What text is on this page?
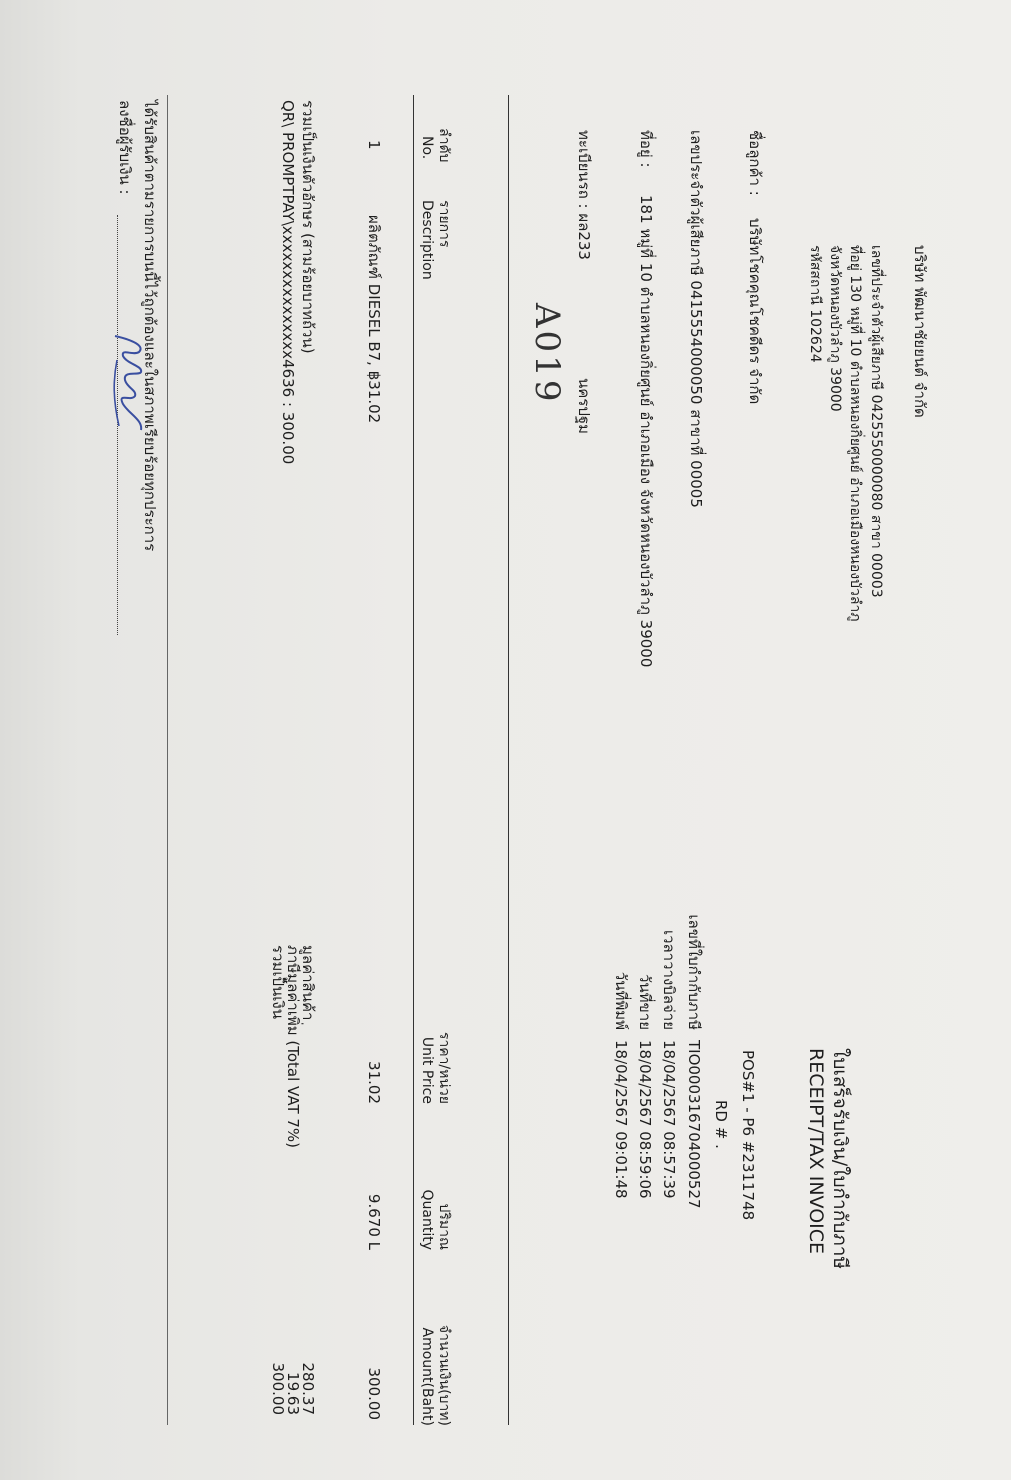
บริษัท พัฒนาชัยยนต์ จำกัด
เลขที่ประจำตัวผู้เสียภาษี 0425550000080 สาขา 00003
ที่อยู่ 130 หมู่ที่ 10 ตำบลหนองกิ่ยศูนย์ อำเภอเมืองหนองบัวลำภู
จังหวัดหนองบัวลำภู 39000
รหัสสถานี 102624
ใบเสร็จรับเงิน/ใบกำกับภาษี
RECEIPT/TAX INVOICE
POS#1 - P6 #2311748
RD # .
เลขที่ใบกำกับภาษี
TIO000316704000527
เวลาวางบิลจ่าย
18/04/2567 08:57:39
วันที่ขาย
18/04/2567 08:59:06
วันที่พิมพ์
18/04/2567 09:01:48
ชื่อลูกค้า :
บริษัทโชคคุณโชคดีดร จำกัด
เลขประจำตัวผู้เสียภาษี 0415554000050 สาขาที่ 00005
ที่อยู่ :
181 หมู่ที่ 10 ตำบลหนองกิ่ยศูนย์ อำเภอเมือง จังหวัดหนองบัวลำภู 39000
ทะเบียนรถ : ผล233
นครปฐม
A019
ลำดับ
No.
รายการ
Description
ราคา/หน่วย
Unit Price
ปริมาณ
Quantity
จำนวนเงิน(บาท)
Amount(Baht)
1
ผลิตภัณฑ์ DIESEL B7, ฿31.02
31.02
9.670 L
300.00
รวมเป็นเงินตัวอักษร (สามร้อยบาทถ้วน)
QR\ PROMPTPAY\xxxxxxxxxxxxxxx4636 : 300.00
มูลค่าสินค้า
ภาษีมูลค่าเพิ่ม (Total VAT 7%)
รวมเป็นเงิน
280.37
19.63
300.00
ได้รับสินค้าตามรายการบนนี้ไว้ถูกต้องและในสภาพเรียบร้อยทุกประการ
ลงชื่อผู้รับเงิน :
